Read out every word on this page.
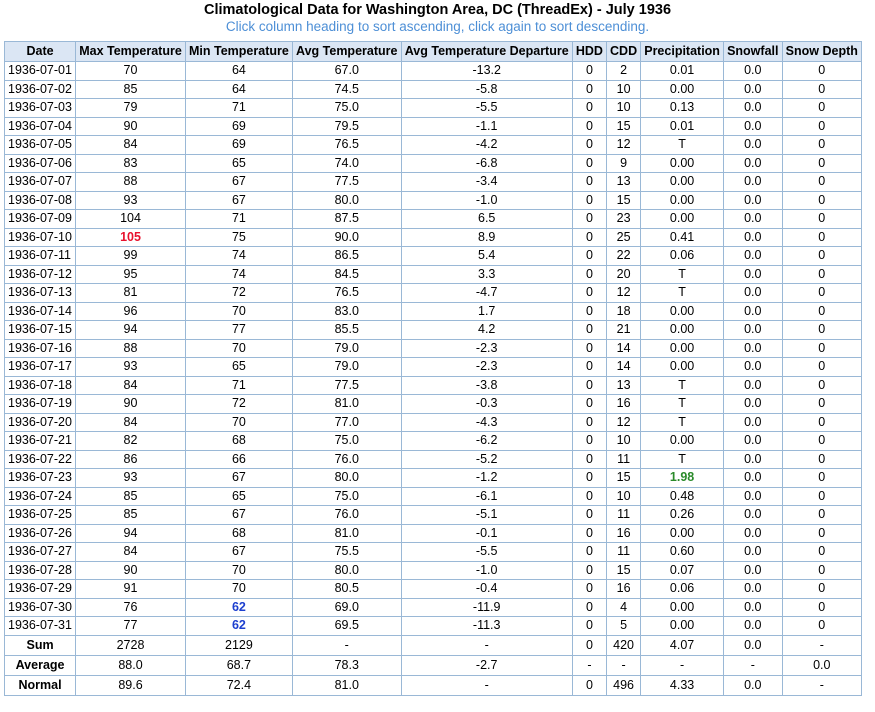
Climatological Data for Washington Area, DC (ThreadEx) - July 1936
Click column heading to sort ascending, click again to sort descending.
Date	Max Temperature	Min Temperature	Avg Temperature	Avg Temperature Departure	HDD	CDD	Precipitation	Snowfall	Snow Depth
1936-07-01	70	64	67.0	-13.2	0	2	0.01	0.0	0
1936-07-02	85	64	74.5	-5.8	0	10	0.00	0.0	0
1936-07-03	79	71	75.0	-5.5	0	10	0.13	0.0	0
1936-07-04	90	69	79.5	-1.1	0	15	0.01	0.0	0
1936-07-05	84	69	76.5	-4.2	0	12	T	0.0	0
1936-07-06	83	65	74.0	-6.8	0	9	0.00	0.0	0
1936-07-07	88	67	77.5	-3.4	0	13	0.00	0.0	0
1936-07-08	93	67	80.0	-1.0	0	15	0.00	0.0	0
1936-07-09	104	71	87.5	6.5	0	23	0.00	0.0	0
1936-07-10	105	75	90.0	8.9	0	25	0.41	0.0	0
1936-07-11	99	74	86.5	5.4	0	22	0.06	0.0	0
1936-07-12	95	74	84.5	3.3	0	20	T	0.0	0
1936-07-13	81	72	76.5	-4.7	0	12	T	0.0	0
1936-07-14	96	70	83.0	1.7	0	18	0.00	0.0	0
1936-07-15	94	77	85.5	4.2	0	21	0.00	0.0	0
1936-07-16	88	70	79.0	-2.3	0	14	0.00	0.0	0
1936-07-17	93	65	79.0	-2.3	0	14	0.00	0.0	0
1936-07-18	84	71	77.5	-3.8	0	13	T	0.0	0
1936-07-19	90	72	81.0	-0.3	0	16	T	0.0	0
1936-07-20	84	70	77.0	-4.3	0	12	T	0.0	0
1936-07-21	82	68	75.0	-6.2	0	10	0.00	0.0	0
1936-07-22	86	66	76.0	-5.2	0	11	T	0.0	0
1936-07-23	93	67	80.0	-1.2	0	15	1.98	0.0	0
1936-07-24	85	65	75.0	-6.1	0	10	0.48	0.0	0
1936-07-25	85	67	76.0	-5.1	0	11	0.26	0.0	0
1936-07-26	94	68	81.0	-0.1	0	16	0.00	0.0	0
1936-07-27	84	67	75.5	-5.5	0	11	0.60	0.0	0
1936-07-28	90	70	80.0	-1.0	0	15	0.07	0.0	0
1936-07-29	91	70	80.5	-0.4	0	16	0.06	0.0	0
1936-07-30	76	62	69.0	-11.9	0	4	0.00	0.0	0
1936-07-31	77	62	69.5	-11.3	0	5	0.00	0.0	0
Sum	2728	2129	-	-	0	420	4.07	0.0	-
Average	88.0	68.7	78.3	-2.7	-	-	-	-	0.0
Normal	89.6	72.4	81.0	-	0	496	4.33	0.0	-
